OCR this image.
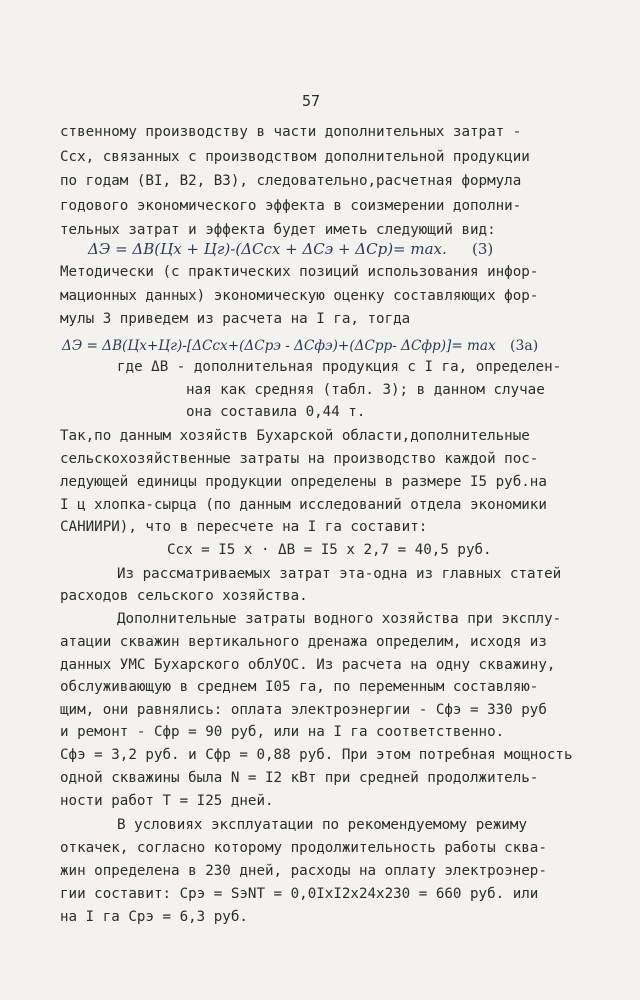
57

ственному производству в части дополнительных затрат -

Ссх, связанных с производством дополнительной продукции

по годам (ВI, В2, В3), следовательно,расчетная формула

годового экономического эффекта в соизмерении дополни-

тельных затрат и эффекта будет иметь следующий вид:

ΔЭ = ΔВ(Цх + Цг)-(ΔСсх + ΔСэ + ΔСр)= max. (3)

Методически (с практических позиций использования инфор-

мационных данных) экономическую оценку составляющих фор-

мулы 3 приведем из расчета на I га, тогда

ΔЭ = ΔВ(Цх+Цг)-[ΔСсх+(ΔСрэ - ΔСфэ)+(ΔСрр- ΔСфр)]= max (3а)

где ΔВ - дополнительная продукция с I га, определен-

ная как средняя (табл. 3); в данном случае

она составила 0,44 т.

Так,по данным хозяйств Бухарской области,дополнительные

сельскохозяйственные затраты на производство каждой пос-

ледующей единицы продукции определены в размере I5 руб.на

I ц хлопка-сырца (по данным исследований отдела экономики

САНИИРИ), что в пересчете на I га составит:

Ссх = I5 х · ΔВ = I5 х 2,7 = 40,5 руб.

Из рассматриваемых затрат эта-одна из главных статей

расходов сельского хозяйства.

Дополнительные затраты водного хозяйства при эксплу-

атации скважин вертикального дренажа определим, исходя из

данных УМС Бухарского облУОС. Из расчета на одну скважину,

обслуживающую в среднем I05 га, по переменным составляю-

щим, они равнялись: оплата электроэнергии - Сфэ = 330 руб

и ремонт - Сфр = 90 руб, или на I га соответственно.

Сфэ = 3,2 руб. и Сфр = 0,88 руб. При этом потребная мощность

одной скважины была N = I2 кВт при средней продолжитель-

ности работ Т = I25 дней.

В условиях эксплуатации по рекомендуемому режиму

откачек, согласно которому продолжительность работы сква-

жин определена в 230 дней, расходы на оплату электроэнер-

гии составит: Срэ = SэNT = 0,0IхI2х24х230 = 660 руб. или

на I га Срэ = 6,3 руб.
